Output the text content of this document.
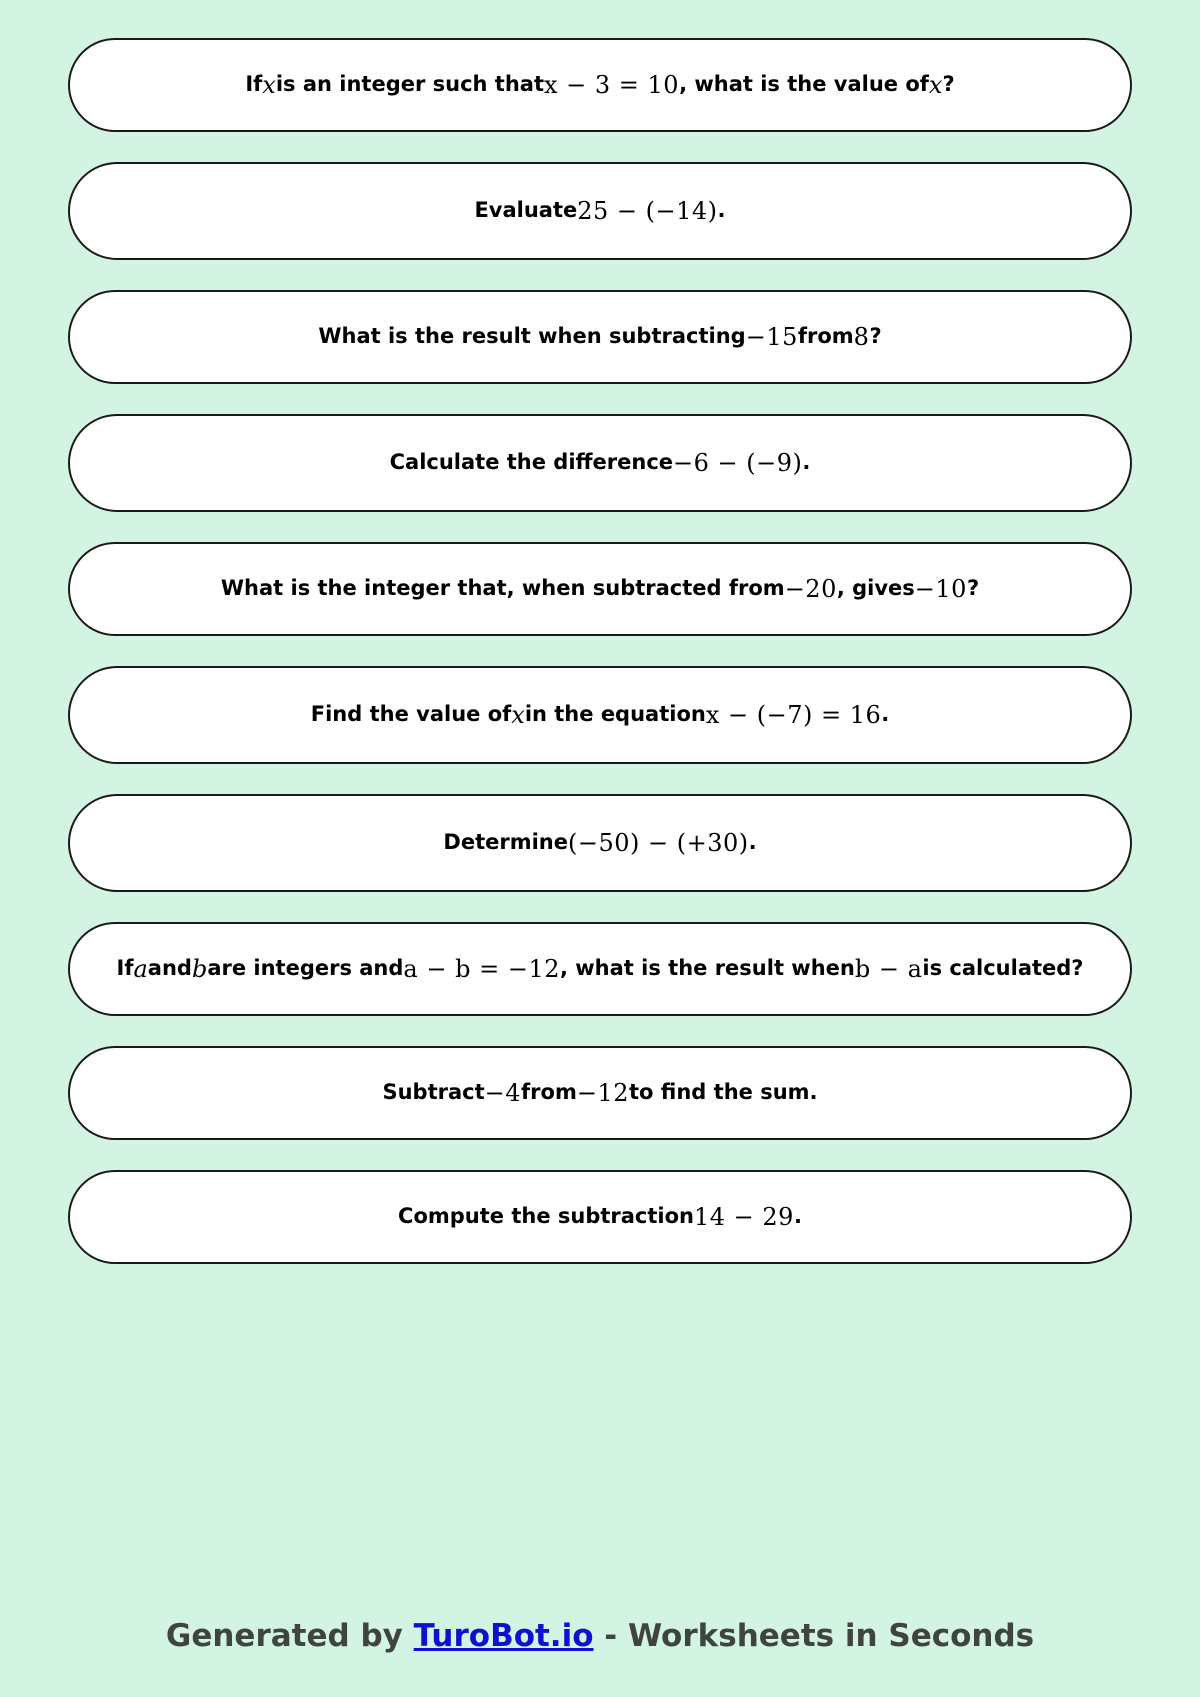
If x is an integer such that x − 3 = 10 , what is the value of x ?
Evaluate 25 − (−14) .
What is the result when subtracting −15 from 8 ?
Calculate the difference −6 − (−9) .
What is the integer that, when subtracted from −20 , gives −10 ?
Find the value of x in the equation x − (−7) = 16 .
Determine (−50) − (+30) .
If a and b are integers and a − b = −12 , what is the result when b − a is calculated?
Subtract −4 from −12 to find the sum.
Compute the subtraction 14 − 29 .
Generated by TuroBot.io - Worksheets in Seconds
